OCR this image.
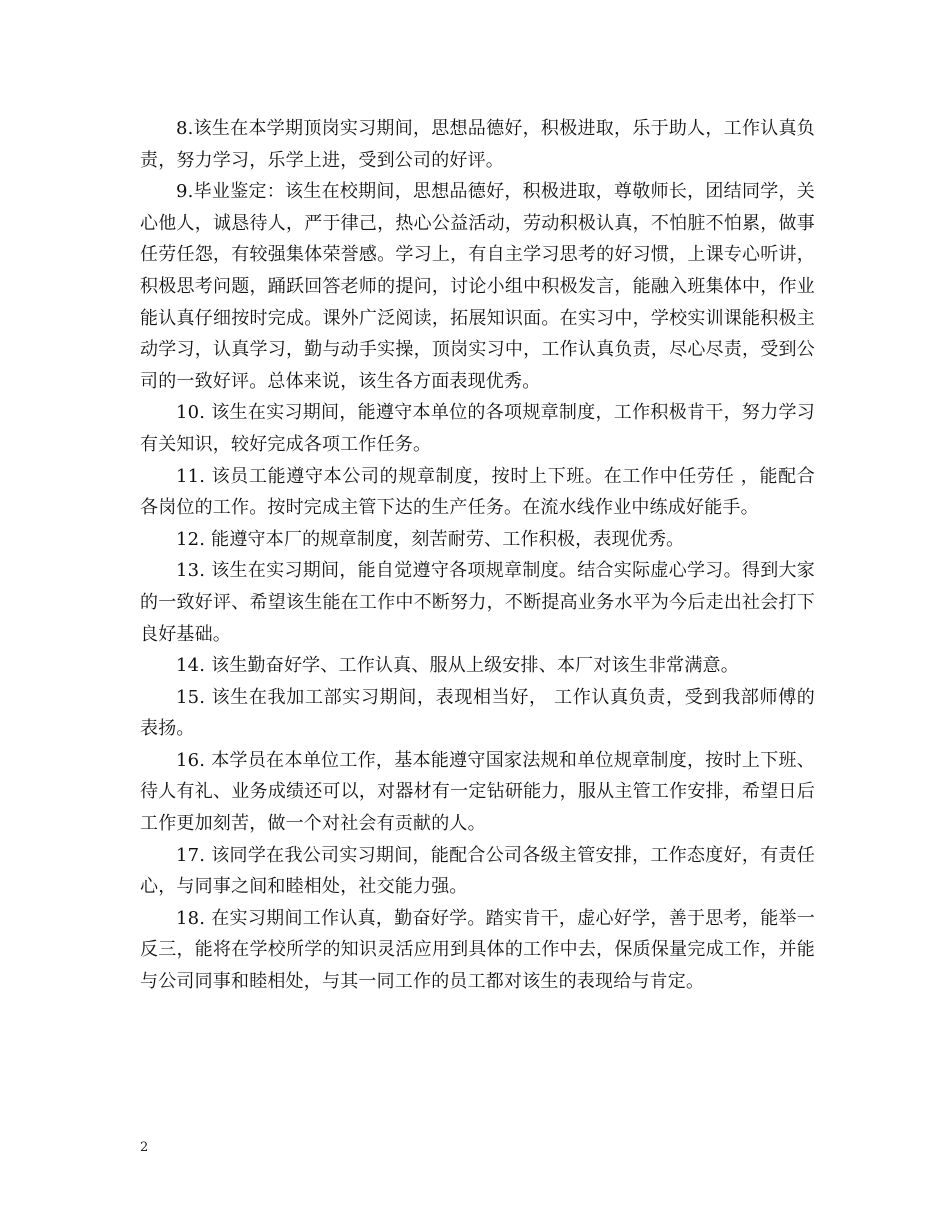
8.该生在本学期顶岗实习期间，思想品德好，积极进取，乐于助人，工作认真负责，努力学习，乐学上进，受到公司的好评。

9.毕业鉴定：该生在校期间，思想品德好，积极进取，尊敬师长，团结同学，关心他人，诚恳待人，严于律己，热心公益活动，劳动积极认真，不怕脏不怕累，做事任劳任怨，有较强集体荣誉感。学习上，有自主学习思考的好习惯，上课专心听讲，积极思考问题，踊跃回答老师的提问，讨论小组中积极发言，能融入班集体中，作业能认真仔细按时完成。课外广泛阅读，拓展知识面。在实习中，学校实训课能积极主动学习，认真学习，勤与动手实操，顶岗实习中，工作认真负责，尽心尽责，受到公司的一致好评。总体来说，该生各方面表现优秀。

10. 该生在实习期间，能遵守本单位的各项规章制度，工作积极肯干，努力学习有关知识，较好完成各项工作任务。

11. 该员工能遵守本公司的规章制度，按时上下班。在工作中任劳任 ，能配合各岗位的工作。按时完成主管下达的生产任务。在流水线作业中练成好能手。

12. 能遵守本厂的规章制度，刻苦耐劳、工作积极，表现优秀。

13. 该生在实习期间，能自觉遵守各项规章制度。结合实际虚心学习。得到大家的一致好评、希望该生能在工作中不断努力，不断提高业务水平为今后走出社会打下良好基础。

14. 该生勤奋好学、工作认真、服从上级安排、本厂对该生非常满意。

15. 该生在我加工部实习期间，表现相当好， 工作认真负责，受到我部师傅的表扬。

16. 本学员在本单位工作，基本能遵守国家法规和单位规章制度，按时上下班、待人有礼、业务成绩还可以，对器材有一定钻研能力，服从主管工作安排，希望日后工作更加刻苦，做一个对社会有贡献的人。

17. 该同学在我公司实习期间，能配合公司各级主管安排，工作态度好，有责任心，与同事之间和睦相处，社交能力强。

18. 在实习期间工作认真，勤奋好学。踏实肯干，虚心好学，善于思考，能举一反三，能将在学校所学的知识灵活应用到具体的工作中去，保质保量完成工作，并能与公司同事和睦相处，与其一同工作的员工都对该生的表现给与肯定。

2
